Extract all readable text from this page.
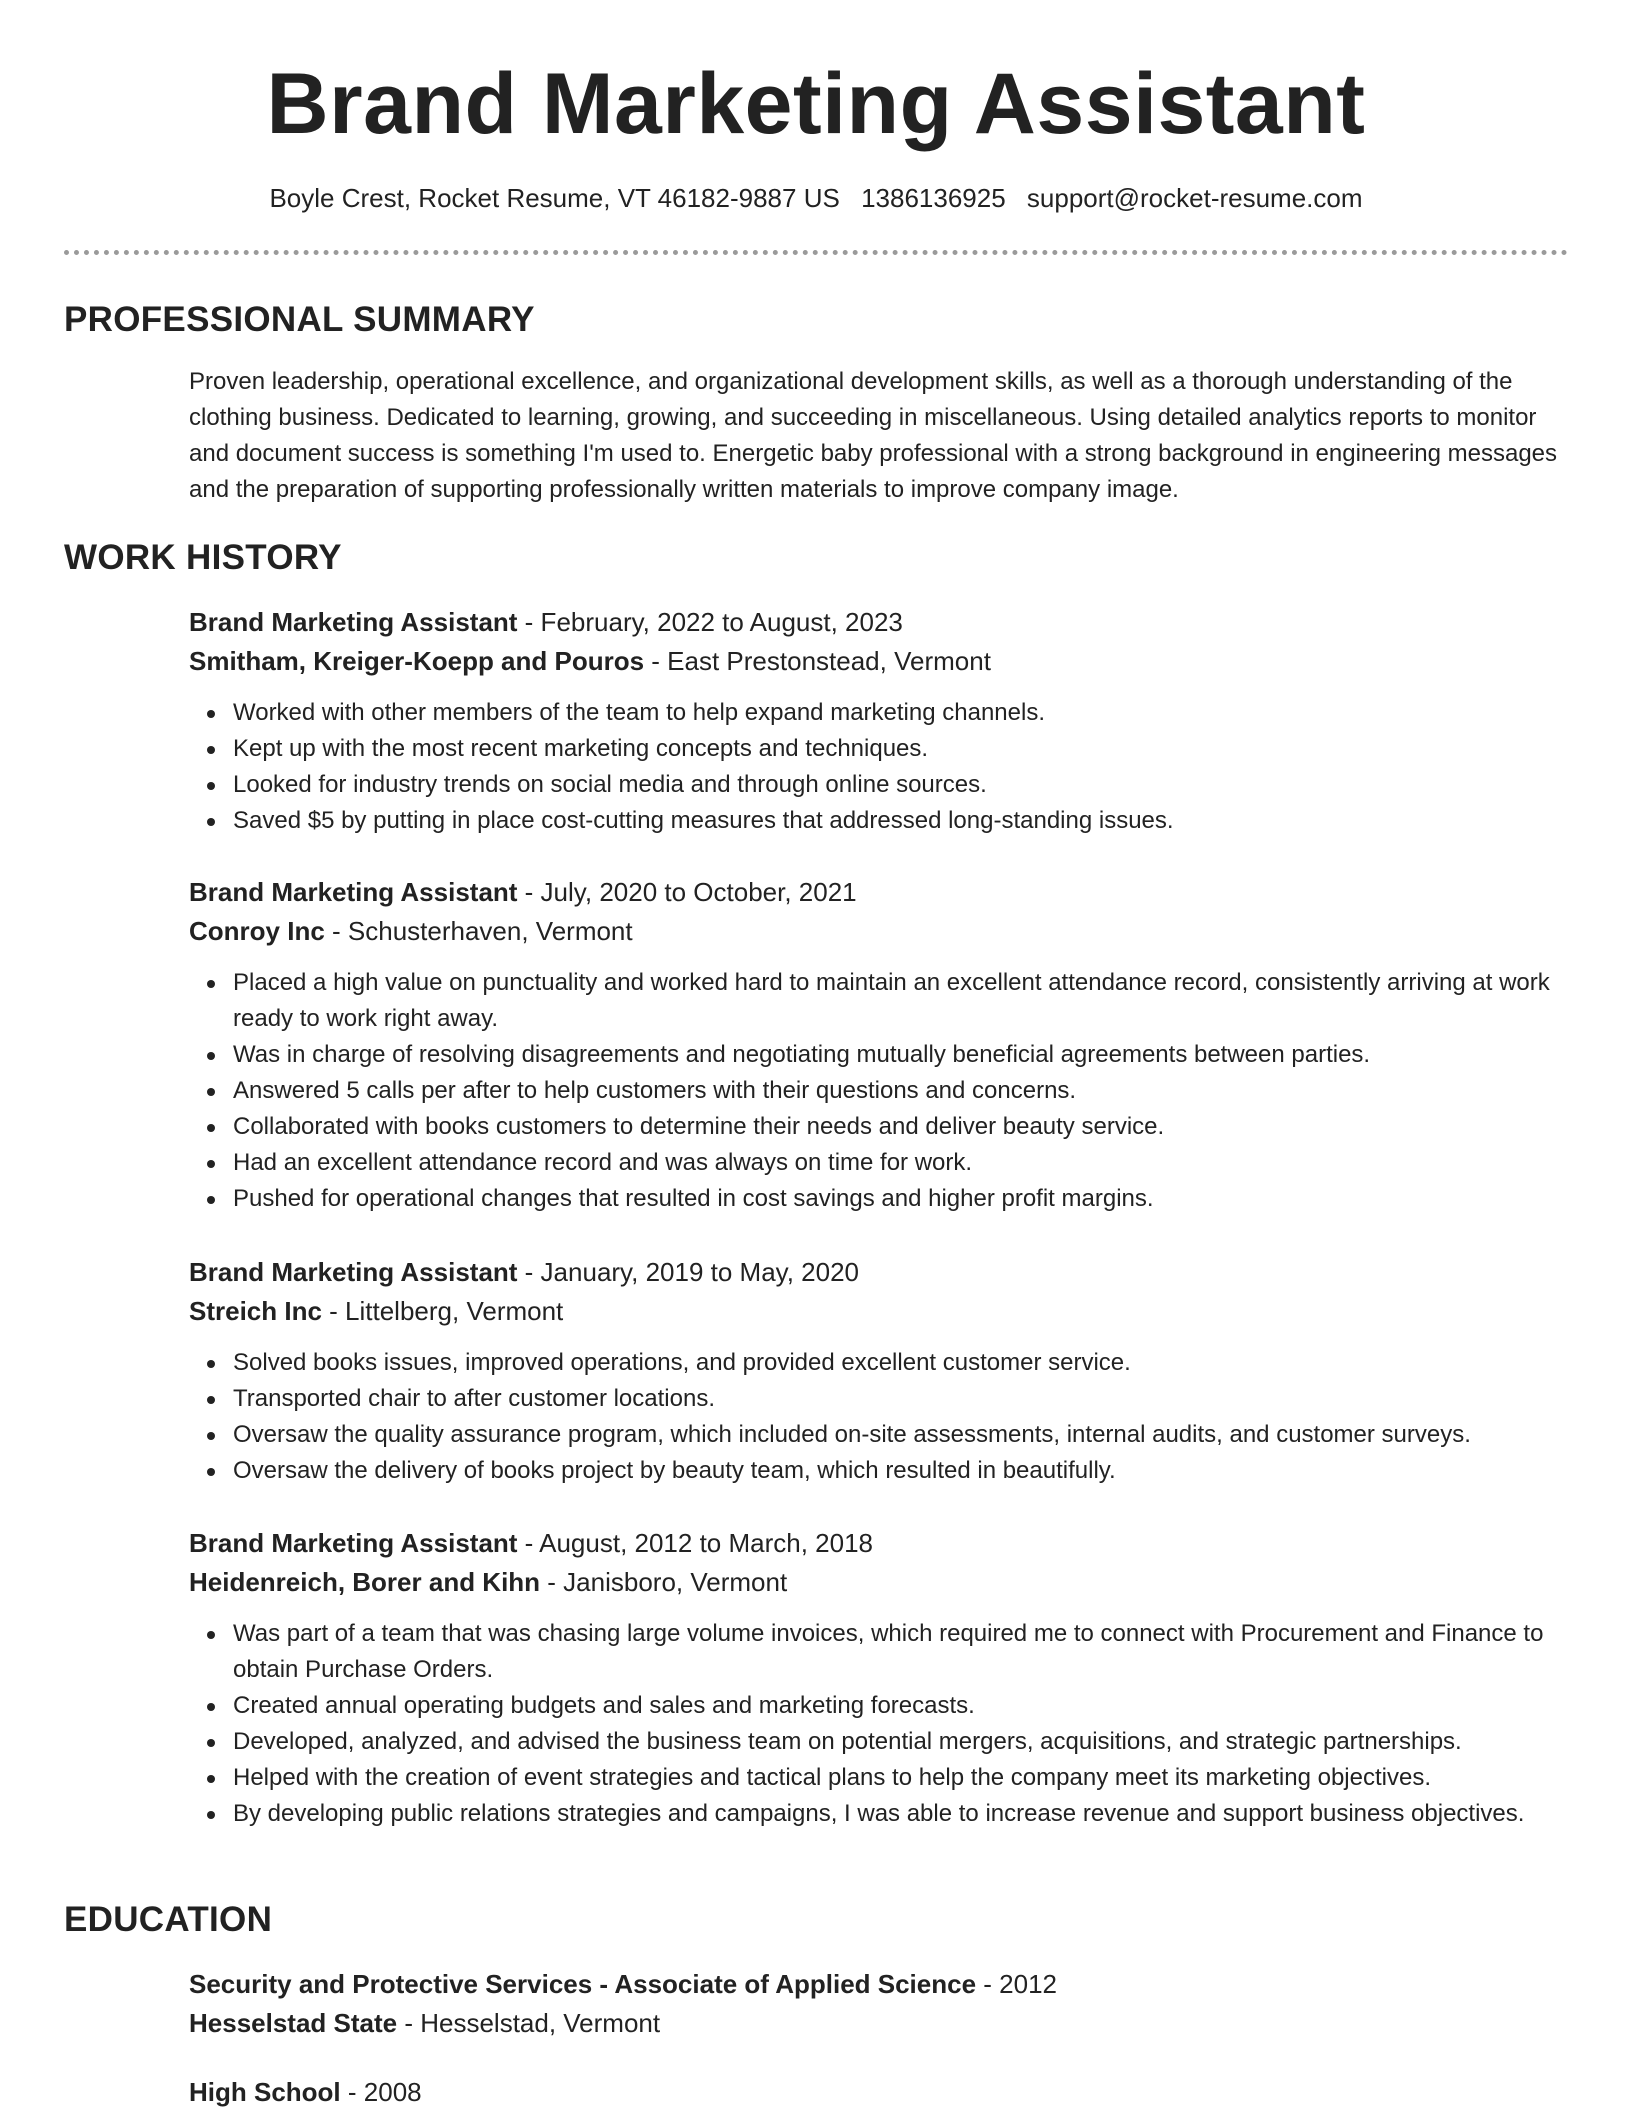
Brand Marketing Assistant
Boyle Crest, Rocket Resume, VT 46182-9887 US 1386136925 support@rocket-resume.com
PROFESSIONAL SUMMARY
Proven leadership, operational excellence, and organizational development skills, as well as a thorough understanding of the clothing business. Dedicated to learning, growing, and succeeding in miscellaneous. Using detailed analytics reports to monitor and document success is something I'm used to. Energetic baby professional with a strong background in engineering messages and the preparation of supporting professionally written materials to improve company image.
WORK HISTORY
Brand Marketing Assistant - February, 2022 to August, 2023
Smitham, Kreiger-Koepp and Pouros - East Prestonstead, Vermont
Worked with other members of the team to help expand marketing channels.
Kept up with the most recent marketing concepts and techniques.
Looked for industry trends on social media and through online sources.
Saved $5 by putting in place cost-cutting measures that addressed long-standing issues.
Brand Marketing Assistant - July, 2020 to October, 2021
Conroy Inc - Schusterhaven, Vermont
Placed a high value on punctuality and worked hard to maintain an excellent attendance record, consistently arriving at work ready to work right away.
Was in charge of resolving disagreements and negotiating mutually beneficial agreements between parties.
Answered 5 calls per after to help customers with their questions and concerns.
Collaborated with books customers to determine their needs and deliver beauty service.
Had an excellent attendance record and was always on time for work.
Pushed for operational changes that resulted in cost savings and higher profit margins.
Brand Marketing Assistant - January, 2019 to May, 2020
Streich Inc - Littelberg, Vermont
Solved books issues, improved operations, and provided excellent customer service.
Transported chair to after customer locations.
Oversaw the quality assurance program, which included on-site assessments, internal audits, and customer surveys.
Oversaw the delivery of books project by beauty team, which resulted in beautifully.
Brand Marketing Assistant - August, 2012 to March, 2018
Heidenreich, Borer and Kihn - Janisboro, Vermont
Was part of a team that was chasing large volume invoices, which required me to connect with Procurement and Finance to obtain Purchase Orders.
Created annual operating budgets and sales and marketing forecasts.
Developed, analyzed, and advised the business team on potential mergers, acquisitions, and strategic partnerships.
Helped with the creation of event strategies and tactical plans to help the company meet its marketing objectives.
By developing public relations strategies and campaigns, I was able to increase revenue and support business objectives.
EDUCATION
Security and Protective Services - Associate of Applied Science - 2012
Hesselstad State - Hesselstad, Vermont
High School - 2008
